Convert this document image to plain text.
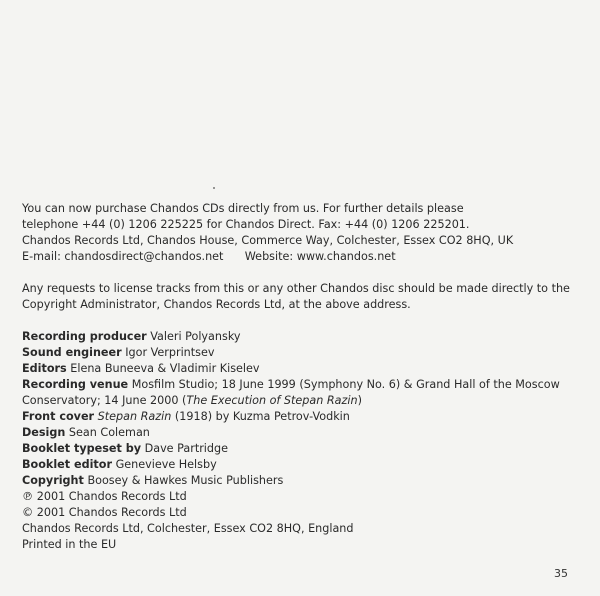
You can now purchase Chandos CDs directly from us. For further details please

telephone +44 (0) 1206 225225 for Chandos Direct. Fax: +44 (0) 1206 225201.

Chandos Records Ltd, Chandos House, Commerce Way, Colchester, Essex CO2 8HQ, UK

E-mail: chandosdirect@chandos.net Website: www.chandos.net

Any requests to license tracks from this or any other Chandos disc should be made directly to the

Copyright Administrator, Chandos Records Ltd, at the above address.

Recording producer Valeri Polyansky

Sound engineer Igor Verprintsev

Editors Elena Buneeva & Vladimir Kiselev

Recording venue Mosfilm Studio; 18 June 1999 (Symphony No. 6) & Grand Hall of the Moscow

Conservatory; 14 June 2000 (The Execution of Stepan Razin)

Front cover Stepan Razin (1918) by Kuzma Petrov-Vodkin

Design Sean Coleman

Booklet typeset by Dave Partridge

Booklet editor Genevieve Helsby

Copyright Boosey & Hawkes Music Publishers

℗ 2001 Chandos Records Ltd

© 2001 Chandos Records Ltd

Chandos Records Ltd, Colchester, Essex CO2 8HQ, England

Printed in the EU

35
